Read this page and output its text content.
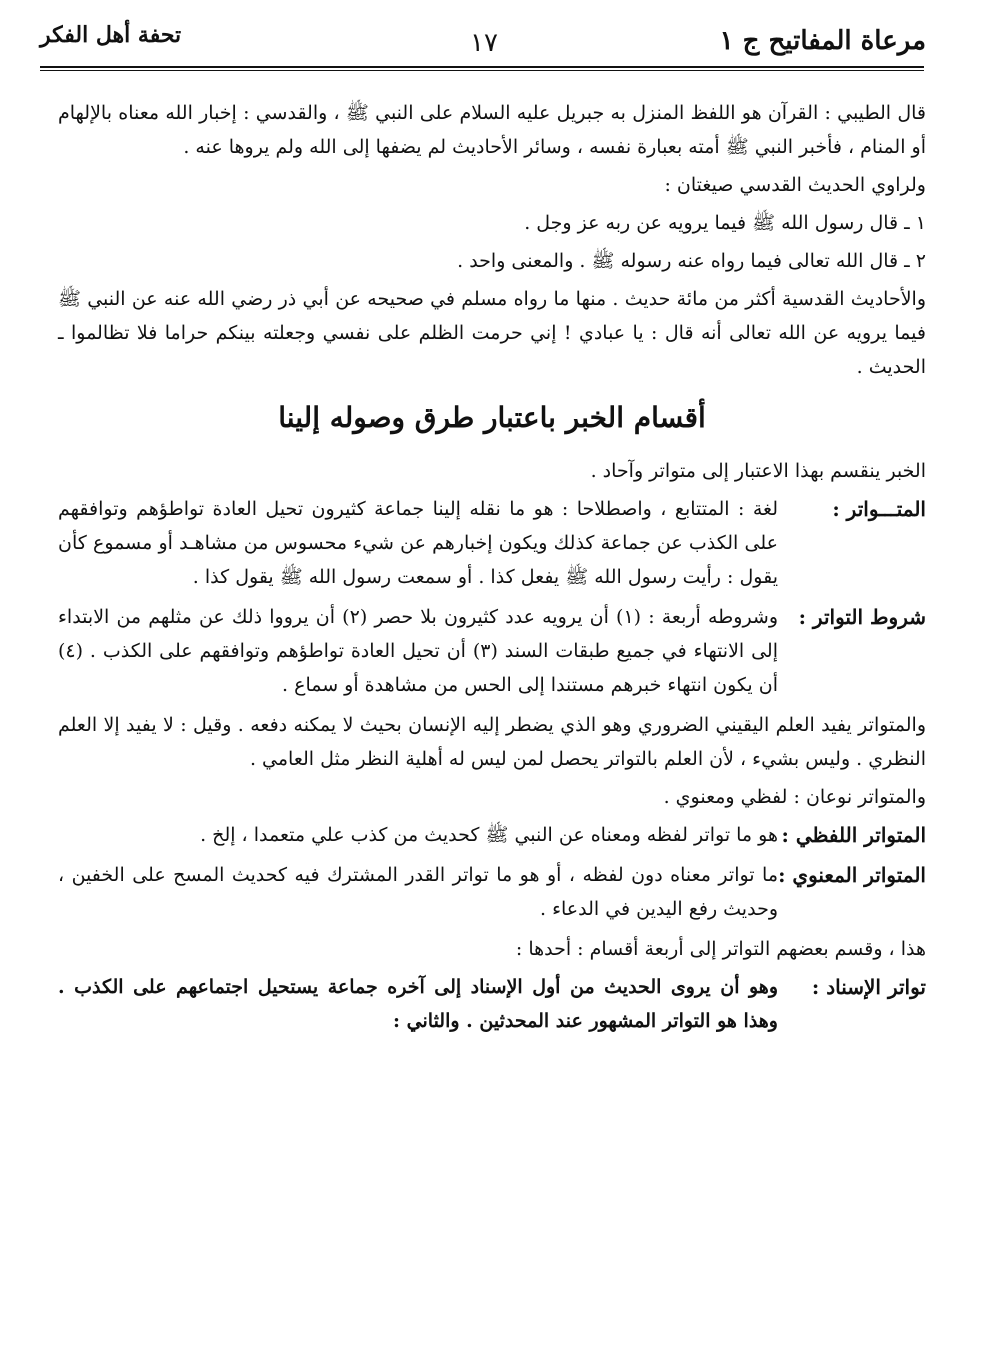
مرعاة المفاتيح ج ١
١٧
تحفة أهل الفكر

قال الطيبي : القرآن هو اللفظ المنزل به جبريل عليه السلام على النبي ﷺ ، والقدسي : إخبار الله معناه بالإلهام أو المنام ، فأخبر النبي ﷺ أمته بعبارة نفسه ، وسائر الأحاديث لم يضفها إلى الله ولم يروها عنه .

ولراوي الحديث القدسي صيغتان :

١ ـ قال رسول الله ﷺ فيما يرويه عن ربه عز وجل .

٢ ـ قال الله تعالى فيما رواه عنه رسوله ﷺ . والمعنى واحد .

والأحاديث القدسية أكثر من مائة حديث . منها ما رواه مسلم في صحيحه عن أبي ذر رضي الله عنه عن النبي ﷺ فيما يرويه عن الله تعالى أنه قال : يا عبادي ! إني حرمت الظلم على نفسي وجعلته بينكم حراما فلا تظالموا ـ الحديث .

أقسام الخبر باعتبار طرق وصوله إلينا

الخبر ينقسم بهذا الاعتبار إلى متواتر وآحاد .

المتـــواتر :
لغة : المتتابع ، واصطلاحا : هو ما نقله إلينا جماعة كثيرون تحيل العادة تواطؤهم وتوافقهم على الكذب عن جماعة كذلك ويكون إخبارهم عن شيء محسوس من مشاهـد أو مسموع كأن يقول : رأيت رسول الله ﷺ يفعل كذا . أو سمعت رسول الله ﷺ يقول كذا .
شروط التواتر :
وشروطه أربعة : (١) أن يرويه عدد كثيرون بلا حصر (٢) أن يرووا ذلك عن مثلهم من الابتداء إلى الانتهاء في جميع طبقات السند (٣) أن تحيل العادة تواطؤهم وتوافقهم على الكذب . (٤) أن يكون انتهاء خبرهم مستندا إلى الحس من مشاهدة أو سماع .

والمتواتر يفيد العلم اليقيني الضروري وهو الذي يضطر إليه الإنسان بحيث لا يمكنه دفعه . وقيل : لا يفيد إلا العلم النظري . وليس بشيء ، لأن العلم بالتواتر يحصل لمن ليس له أهلية النظر مثل العامي .

والمتواتر نوعان : لفظي ومعنوي .

المتواتر اللفظي :
هو ما تواتر لفظه ومعناه عن النبي ﷺ كحديث من كذب علي متعمدا ، إلخ .
المتواتر المعنوي :
ما تواتر معناه دون لفظه ، أو هو ما تواتر القدر المشترك فيه كحديث المسح على الخفين ، وحديث رفع اليدين في الدعاء .

هذا ، وقسم بعضهم التواتر إلى أربعة أقسام : أحدها :

تواتر الإسناد :
وهو أن يروى الحديث من أول الإسناد إلى آخره جماعة يستحيل اجتماعهم على الكذب . وهذا هو التواتر المشهور عند المحدثين . والثاني :
